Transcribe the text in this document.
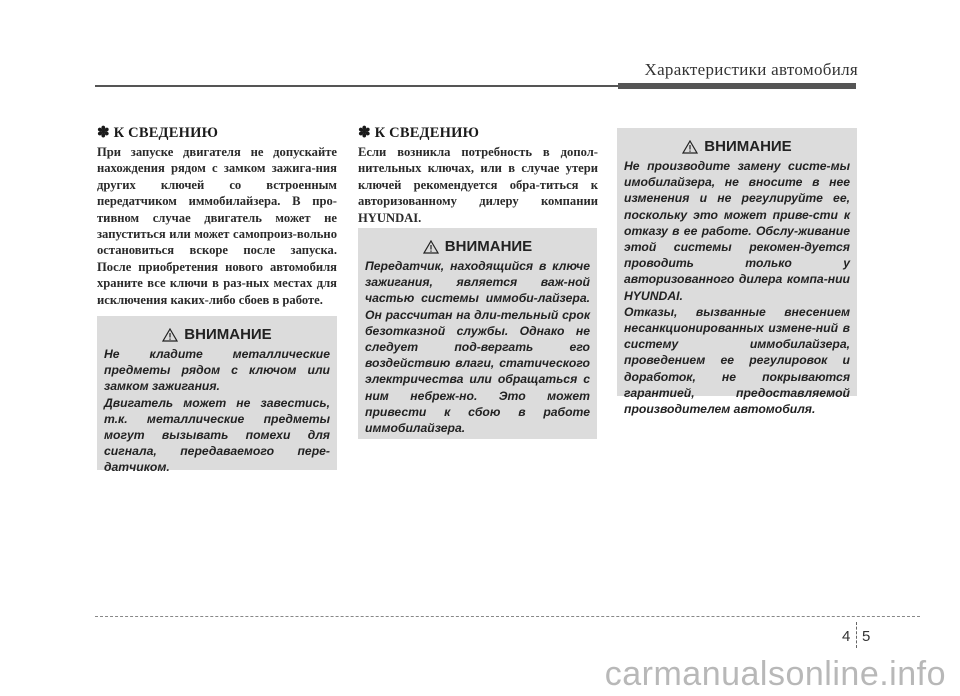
Характеристики автомобиля

✽ К СВЕДЕНИЮ

При запуске двигателя не допускайте нахождения рядом с замком зажига-ния других ключей со встроенным передатчиком иммобилайзера. В про-тивном случае двигатель может не запуститься или может самопроиз-вольно остановиться вскоре после запуска. После приобретения нового автомобиля храните все ключи в раз-ных местах для исключения каких-либо сбоев в работе.

ВНИМАНИЕ

Не кладите металлические предметы рядом с ключом или замком зажигания.

Двигатель может не завестись, т.к. металлические предметы могут вызывать помехи для сигнала, передаваемого пере-датчиком.

✽ К СВЕДЕНИЮ

Если возникла потребность в допол-нительных ключах, или в случае утери ключей рекомендуется обра-титься к авторизованному дилеру компании HYUNDAI.

ВНИМАНИЕ

Передатчик, находящийся в ключе зажигания, является важ-ной частью системы иммоби-лайзера. Он рассчитан на дли-тельный срок безотказной службы. Однако не следует под-вергать его воздействию влаги, статического электричества или обращаться с ним небреж-но. Это может привести к сбою в работе иммобилайзера.

ВНИМАНИЕ

Не производите замену систе-мы имобилайзера, не вносите в нее изменения и не регулируйте ее, поскольку это может приве-сти к отказу в ее работе. Обслу-живание этой системы рекомен-дуется проводить только у авторизованного дилера компа-нии HYUNDAI.

Отказы, вызванные внесением несанкционированных измене-ний в систему иммобилайзера, проведением ее регулировок и доработок, не покрываются гарантией, предоставляемой производителем автомобиля.

4 5
carmanualsonline.info
